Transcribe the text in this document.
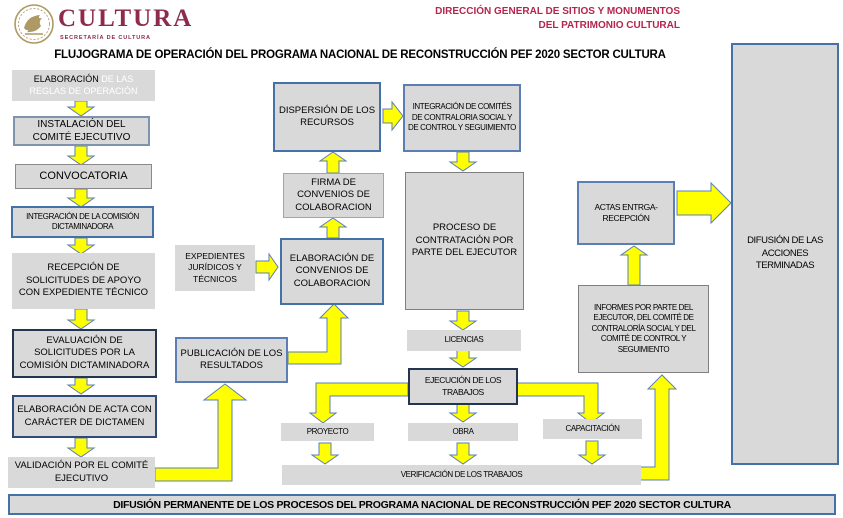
CULTURA
SECRETARÍA DE CULTURA
DIRECCIÓN GENERAL DE SITIOS Y MONUMENTOS
DEL PATRIMONIO CULTURAL
FLUJOGRAMA DE OPERACIÓN DEL PROGRAMA NACIONAL DE RECONSTRUCCIÓN PEF 2020 SECTOR CULTURA
ELABORACIÓN DE LAS REGLAS DE OPERACIÓN
INSTALACIÓN DEL COMITÉ EJECUTIVO
CONVOCATORIA
INTEGRACIÓN DE LA COMISIÓN DICTAMINADORA
RECEPCIÓN DE SOLICITUDES DE APOYO CON EXPEDIENTE TÉCNICO
EVALUACIÓN DE SOLICITUDES POR LA COMISIÓN DICTAMINADORA
ELABORACIÓN DE ACTA CON CARÁCTER DE DICTAMEN
VALIDACIÓN POR EL COMITÉ EJECUTIVO
EXPEDIENTES JURÍDICOS Y TÉCNICOS
PUBLICACIÓN DE LOS RESULTADOS
ELABORACIÓN DE CONVENIOS DE COLABORACION
FIRMA DE CONVENIOS DE COLABORACION
DISPERSIÓN DE LOS RECURSOS
INTEGRACIÓN DE COMITÉS DE CONTRALORIA SOCIAL Y DE CONTROL Y SEGUIMIENTO
PROCESO DE CONTRATACIÓN POR PARTE DEL EJECUTOR
LICENCIAS
EJECUCIÓN DE LOS TRABAJOS
PROYECTO	OBRA	CAPACITACIÓN
VERIFICACIÓN DE LOS TRABAJOS
ACTAS ENTRGA- RECEPCIÓN
INFORMES POR PARTE DEL EJECUTOR, DEL COMITÉ DE CONTRALORÍA SOCIAL Y DEL COMITÉ DE CONTROL Y SEGUIMIENTO
DIFUSIÓN DE LAS ACCIONES TERMINADAS
DIFUSIÓN PERMANENTE DE LOS PROCESOS DEL PROGRAMA NACIONAL DE RECONSTRUCCIÓN PEF 2020 SECTOR CULTURA
